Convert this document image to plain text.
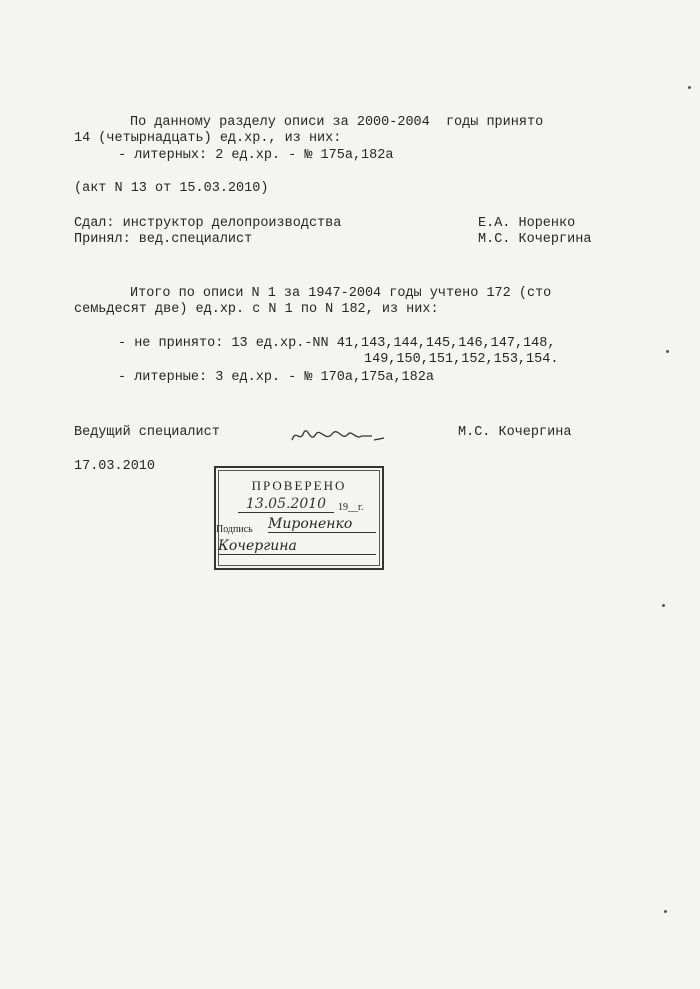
По данному разделу описи за 2000-2004  годы принято
14 (четырнадцать) ед.хр., из них:
- литерных: 2 ед.хр. - № 175а,182а
(акт N 13 от 15.03.2010)
Сдал: инструктор делопроизводства	Е.А. Норенко
Принял: вед.специалист	М.С. Кочергина
Итого по описи N 1 за 1947-2004 годы учтено 172 (сто
семьдесят две) ед.хр. с N 1 по N 182, из них:
- не принято: 13 ед.хр.-NN 41,143,144,145,146,147,148,
149,150,151,152,153,154.
- литерные: 3 ед.хр. - № 170а,175а,182а
Ведущий специалист	М.С. Кочергина
17.03.2010
ПРОВЕРЕНО
13.05.2010	19__г.
Подпись Мироненко
Кочергина
